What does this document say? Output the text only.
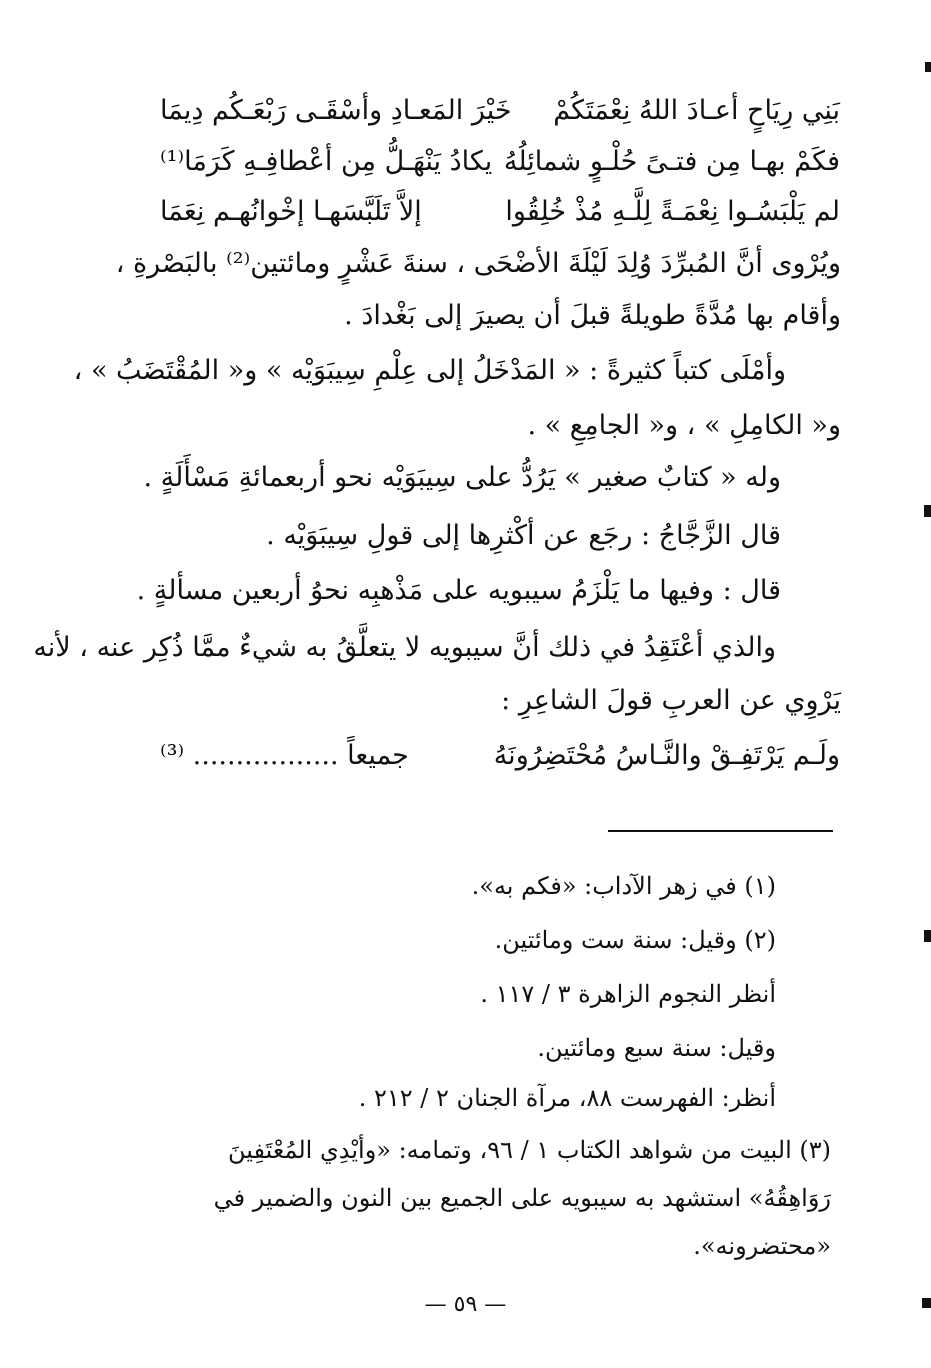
بَنِي رِيَاحٍ أعـادَ اللهُ نِعْمَتَكُمْ
خَيْرَ المَعـادِ وأسْقَـى رَبْعَـكُم دِيمَا
فكَمْ بهـا مِن فتـىً حُلْـوٍ شمائِلُهُ
يكادُ يَنْهَـلُّ مِن أعْطافِـهِ كَرَمَا⁽¹⁾
لم يَلْبَسُـوا نِعْمَـةً لِلَّـهِ مُذْ خُلِقُوا
إلاَّ تَلَبَّسَهـا إخْوانُهـم نِعَمَا
ويُرْوى أنَّ المُبرِّدَ وُلِدَ لَيْلَةَ الأضْحَى ، سنةَ عَشْرٍ ومائتين⁽²⁾ بالبَصْرةِ ،
وأقام بها مُدَّةً طويلةً قبلَ أن يصيرَ إلى بَغْدادَ .
وأمْلَى كتباً كثيرةً : « المَدْخَلُ إلى عِلْمِ سِيبَوَيْه » و« المُقْتَضَبُ » ،
و« الكامِلِ » ، و« الجامِعِ » .
وله « كتابٌ صغير » يَرُدُّ على سِيبَوَيْه نحو أربعمائةِ مَسْأَلَةٍ .
قال الزَّجَّاجُ : رجَع عن أكْثرِها إلى قولِ سِيبَوَيْه .
قال : وفيها ما يَلْزَمُ سيبويه على مَذْهبِه نحوُ أربعين مسألةٍ .
والذي أعْتَقِدُ في ذلك أنَّ سيبويه لا يتعلَّقُ به شيءٌ ممَّا ذُكِر عنه ، لأنه
يَرْوِي عن العربِ قولَ الشاعِرِ :
ولَـم يَرْتَفِـقْ والنَّـاسُ مُحْتَضِرُونَهُ
جميعاً ................. ⁽³⁾
(١) في زهر الآداب: «فكم به».
(٢) وقيل: سنة ست ومائتين.
أنظر النجوم الزاهرة ٣ / ١١٧ .
وقيل: سنة سبع ومائتين.
أنظر: الفهرست ٨٨، مرآة الجنان ٢ / ٢١٢ .
(٣) البيت من شواهد الكتاب ١ / ٩٦، وتمامه: «وأيْدِي المُعْتَفِينَ
رَوَاهِقُهُ» استشهد به سيبويه على الجميع بين النون والضمير في
«محتضرونه».
— ٥٩ —
